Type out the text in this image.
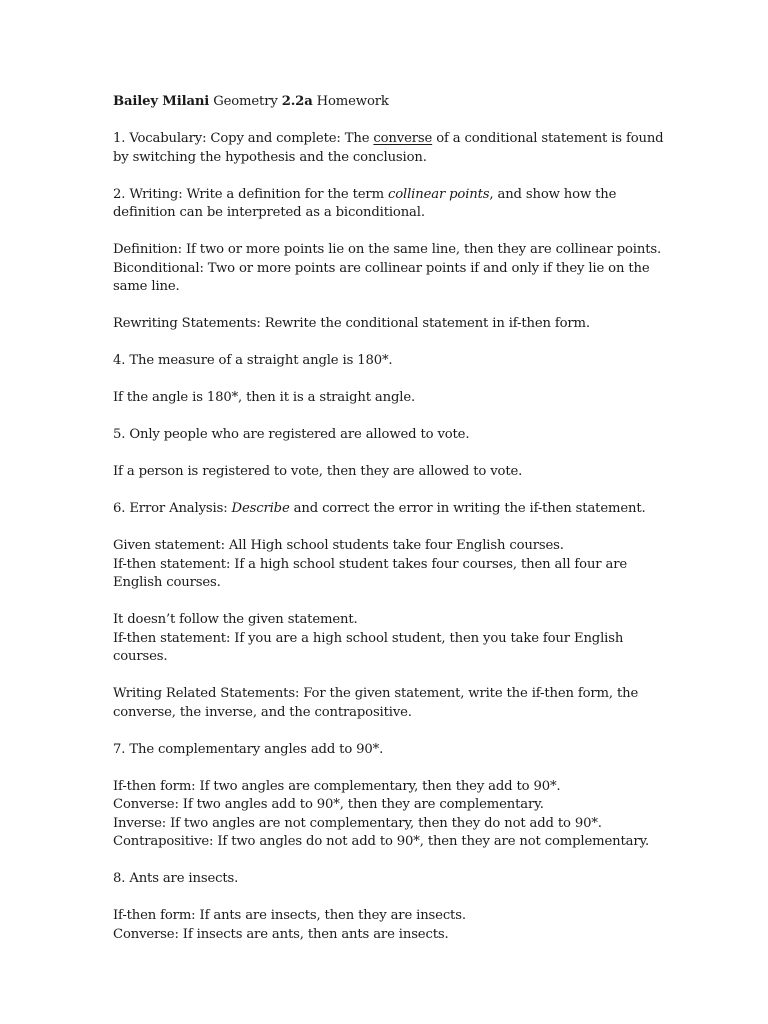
Bailey Milani Geometry 2.2a Homework

1. Vocabulary: Copy and complete: The converse of a conditional statement is found
by switching the hypothesis and the conclusion.

2. Writing: Write a definition for the term collinear points, and show how the
definition can be interpreted as a biconditional.

Definition: If two or more points lie on the same line, then they are collinear points.
Biconditional: Two or more points are collinear points if and only if they lie on the
same line.

Rewriting Statements: Rewrite the conditional statement in if-then form.

4. The measure of a straight angle is 180*.

If the angle is 180*, then it is a straight angle.

5. Only people who are registered are allowed to vote.

If a person is registered to vote, then they are allowed to vote.

6. Error Analysis: Describe and correct the error in writing the if-then statement.

Given statement: All High school students take four English courses.
If-then statement: If a high school student takes four courses, then all four are
English courses.

It doesn’t follow the given statement.
If-then statement: If you are a high school student, then you take four English
courses.

Writing Related Statements: For the given statement, write the if-then form, the
converse, the inverse, and the contrapositive.

7. The complementary angles add to 90*.

If-then form: If two angles are complementary, then they add to 90*.
Converse: If two angles add to 90*, then they are complementary.
Inverse: If two angles are not complementary, then they do not add to 90*.
Contrapositive: If two angles do not add to 90*, then they are not complementary.

8. Ants are insects.

If-then form: If ants are insects, then they are insects.
Converse: If insects are ants, then ants are insects.
